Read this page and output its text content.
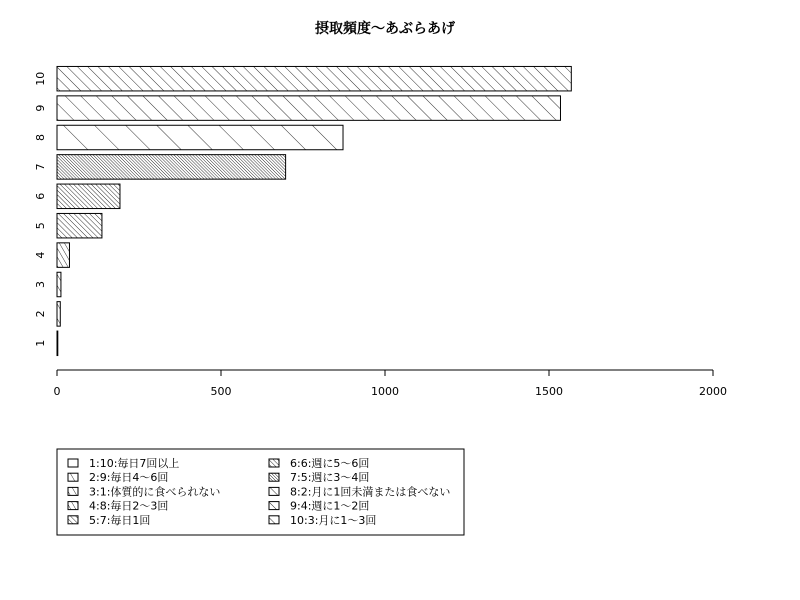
摂取頻度〜あぶらあげ
1
2
3
4
5
6
7
8
9
10
0	500	1000	1500	2000
1:10:毎日7回以上
2:9:毎日4〜6回
3:1:体質的に食べられない
4:8:毎日2〜3回
5:7:毎日1回
6:6:週に5〜6回
7:5:週に3〜4回
8:2:月に1回未満または食べない
9:4:週に1〜2回
10:3:月に1〜3回
